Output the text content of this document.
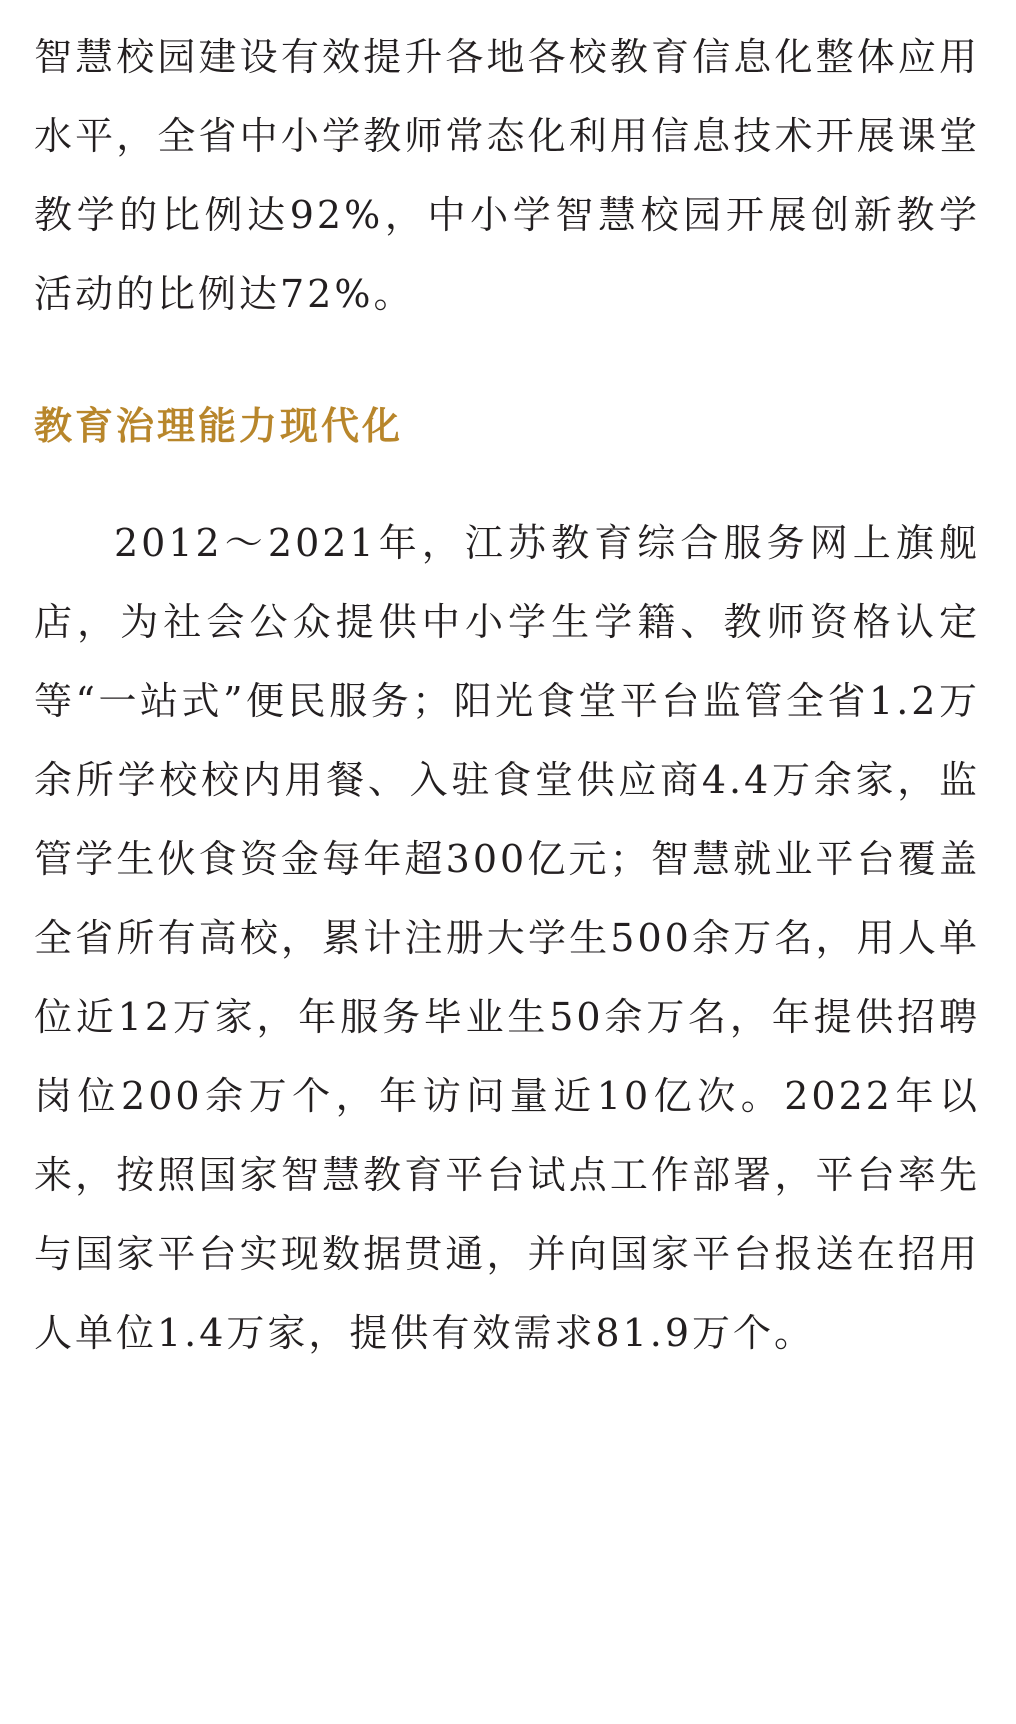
智慧校园建设有效提升各地各校教育信息化整体应用水平，全省中小学教师常态化利用信息技术开展课堂教学的比例达92%，中小学智慧校园开展创新教学活动的比例达72%。

教育治理能力现代化

2012～2021年，江苏教育综合服务网上旗舰店，为社会公众提供中小学生学籍、教师资格认定等“一站式”便民服务；阳光食堂平台监管全省1.2万余所学校校内用餐、入驻食堂供应商4.4万余家，监管学生伙食资金每年超300亿元；智慧就业平台覆盖全省所有高校，累计注册大学生500余万名，用人单位近12万家，年服务毕业生50余万名，年提供招聘岗位200余万个，年访问量近10亿次。2022年以来，按照国家智慧教育平台试点工作部署，平台率先与国家平台实现数据贯通，并向国家平台报送在招用人单位1.4万家，提供有效需求81.9万个。
